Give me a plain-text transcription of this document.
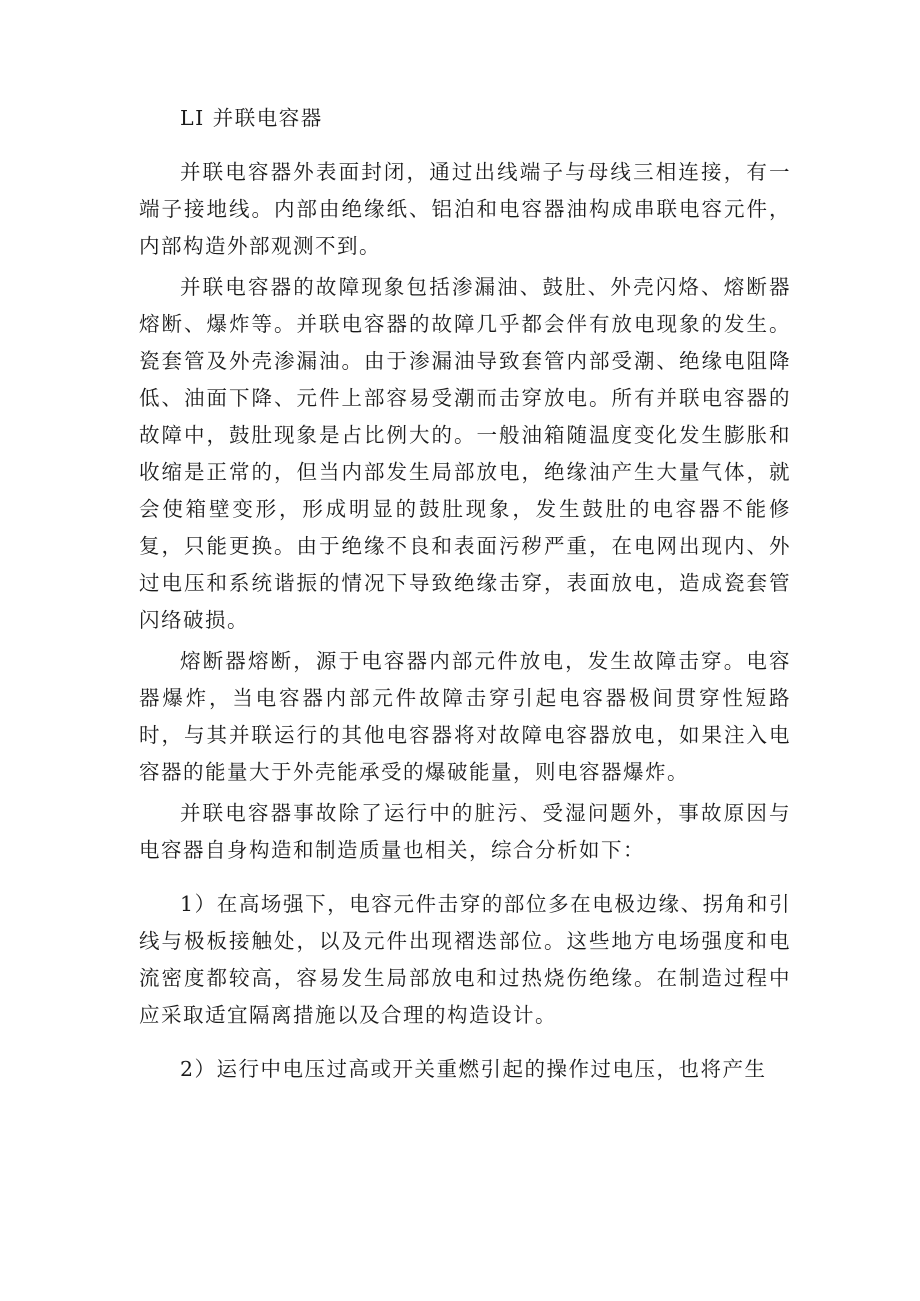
LI 并联电容器

并联电容器外表面封闭，通过出线端子与母线三相连接，有一端子接地线。内部由绝缘纸、铝泊和电容器油构成串联电容元件，内部构造外部观测不到。

并联电容器的故障现象包括渗漏油、鼓肚、外壳闪烙、熔断器熔断、爆炸等。并联电容器的故障几乎都会伴有放电现象的发生。瓷套管及外壳渗漏油。由于渗漏油导致套管内部受潮、绝缘电阻降低、油面下降、元件上部容易受潮而击穿放电。所有并联电容器的故障中，鼓肚现象是占比例大的。一般油箱随温度变化发生膨胀和收缩是正常的，但当内部发生局部放电，绝缘油产生大量气体，就会使箱壁变形，形成明显的鼓肚现象，发生鼓肚的电容器不能修复，只能更换。由于绝缘不良和表面污秽严重，在电网出现内、外过电压和系统谐振的情况下导致绝缘击穿，表面放电，造成瓷套管闪络破损。

熔断器熔断，源于电容器内部元件放电，发生故障击穿。电容器爆炸，当电容器内部元件故障击穿引起电容器极间贯穿性短路时，与其并联运行的其他电容器将对故障电容器放电，如果注入电容器的能量大于外壳能承受的爆破能量，则电容器爆炸。

并联电容器事故除了运行中的脏污、受湿问题外，事故原因与电容器自身构造和制造质量也相关，综合分析如下：

1）在高场强下，电容元件击穿的部位多在电极边缘、拐角和引线与极板接触处，以及元件出现褶迭部位。这些地方电场强度和电流密度都较高，容易发生局部放电和过热烧伤绝缘。在制造过程中应采取适宜隔离措施以及合理的构造设计。

2）运行中电压过高或开关重燃引起的操作过电压，也将产生
